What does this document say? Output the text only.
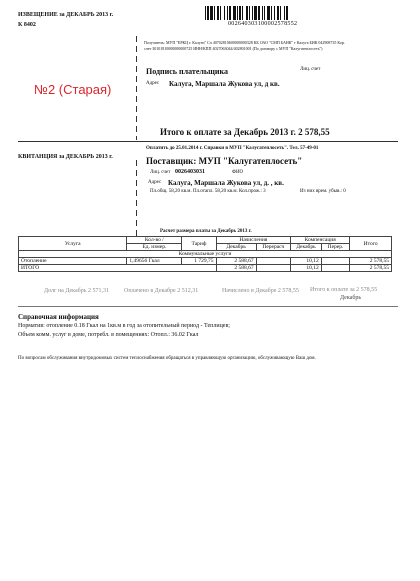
ИЗВЕЩЕНИЕ за ДЕКАБРЬ 2013 г.
К 8402	002640303100002578552
Получатель: МУП "ЕРКЦ г. Калуги" Сч 40702810600000000328 КБ ОАО "СМП БАНК" г Калуга БИК 042908735 Кор.
счет 30101810000000000725 ИНН/КПП 4027063044/402801001 (По договору с МУП "Калугатеплосеть")
№2 (Старая)
Подпись плательщика	Лиц. счет
Адрес Калуга, Маршала Жукова ул, д кв.
Итого к оплате за Декабрь 2013 г. 2 578,55
КВИТАНЦИЯ за ДЕКАБРЬ 2013 г.
Оплатить до 25.01.2014 г. Справки в МУП "Калугатеплосеть". Тел. 57-49-01
Поставщик: МУП "Калугатеплосеть"
Лиц. счет 0026403031	ФИО
Адрес Калуга, Маршала Жукова ул, д. , кв.
Пл.общ. 58,20 кв.м. Пл.отапл. 58,20 кв.м. Кол.прож.: 3	Из них врем. убыв.: 0
Расчет размера платы за Декабрь 2013 г.
Услуга	Кол-во /	Тариф	Начисления		Компенсация		Итого
	Ед. измер.		Декабрь	Перерасч	Декабрь	Перер.	
Коммунальные услуги							
Отопление	1,49656 Гкал	1 729,75	2 588,67		10,12		2 578,55
ИТОГО			2 588,67		10,12		2 578,55
Долг на Декабрь 2 571,31	Оплачено в Декабре 2 512,31	Начислено в Декабре 2 578,55 Итого к оплате за 2 578,55
Декабрь
Справочная информация
Норматив: отопление 0.18 Гкал на 1кв.м в год за отопительный период - Теплицев;
Объем комм. услуг в доме, потребл. в помещениях: Отопл.: 36.02 Гкал
По вопросам обслуживания внутридомовых систем теплоснабжения обращаться в управляющую организацию, обслуживающую Ваш дом.
